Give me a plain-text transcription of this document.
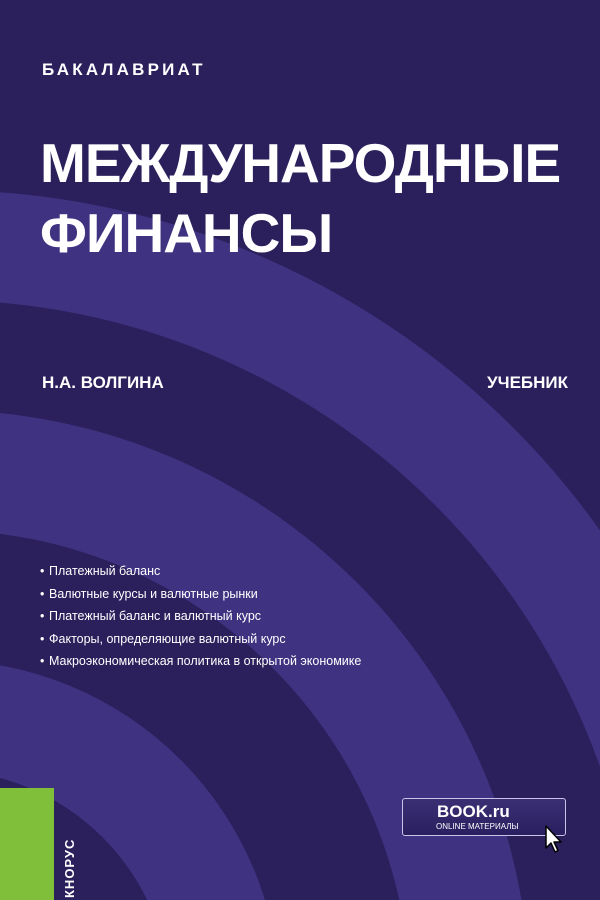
БАКАЛАВРИАТ
МЕЖДУНАРОДНЫЕ
ФИНАНСЫ
Н.А. ВОЛГИНА	УЧЕБНИК
• Платежный баланс
• Валютные курсы и валютные рынки
• Платежный баланс и валютный курс
• Факторы, определяющие валютный курс
• Макроэкономическая политика в открытой экономике
КНОРУС
BOOK.ru
ONLINE МАТЕРИАЛЫ
